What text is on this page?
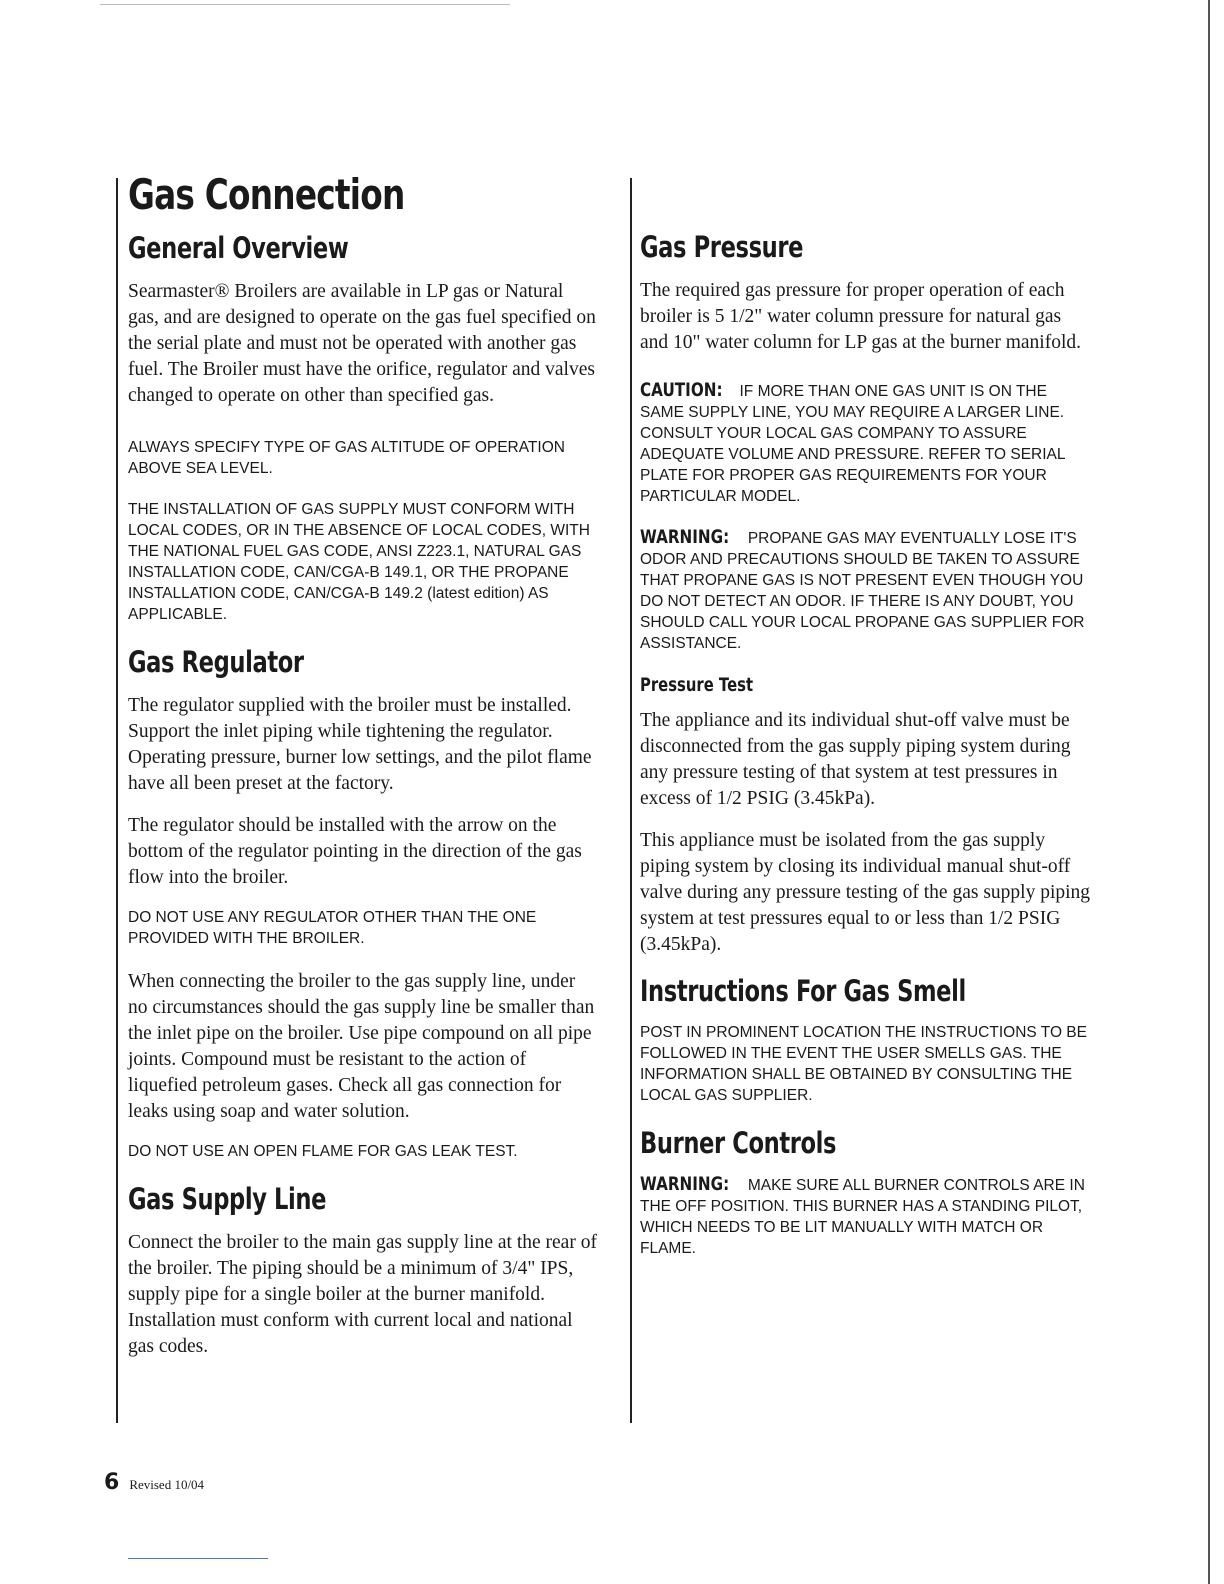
Gas Connection
General Overview

Searmaster® Broilers are available in LP gas or Natural gas, and are designed to operate on the gas fuel specified on the serial plate and must not be operated with another gas fuel. The Broiler must have the orifice, regulator and valves changed to operate on other than specified gas.

ALWAYS SPECIFY TYPE OF GAS ALTITUDE OF OPERATION ABOVE SEA LEVEL.

THE INSTALLATION OF GAS SUPPLY MUST CONFORM WITH LOCAL CODES, OR IN THE ABSENCE OF LOCAL CODES, WITH THE NATIONAL FUEL GAS CODE, ANSI Z223.1, NATURAL GAS INSTALLATION CODE, CAN/CGA-B 149.1, OR THE PROPANE INSTALLATION CODE, CAN/CGA-B 149.2 (latest edition) AS APPLICABLE.

Gas Regulator

The regulator supplied with the broiler must be installed. Support the inlet piping while tightening the regulator. Operating pressure, burner low settings, and the pilot flame have all been preset at the factory.

The regulator should be installed with the arrow on the bottom of the regulator pointing in the direction of the gas flow into the broiler.

DO NOT USE ANY REGULATOR OTHER THAN THE ONE PROVIDED WITH THE BROILER.

When connecting the broiler to the gas supply line, under no circumstances should the gas supply line be smaller than the inlet pipe on the broiler. Use pipe compound on all pipe joints. Compound must be resistant to the action of liquefied petroleum gases. Check all gas connection for leaks using soap and water solution.

DO NOT USE AN OPEN FLAME FOR GAS LEAK TEST.

Gas Supply Line

Connect the broiler to the main gas supply line at the rear of the broiler. The piping should be a minimum of 3/4" IPS, supply pipe for a single boiler at the burner manifold. Installation must conform with current local and national gas codes.

Gas Pressure

The required gas pressure for proper operation of each broiler is 5 1/2" water column pressure for natural gas and 10" water column for LP gas at the burner manifold.

CAUTION: IF MORE THAN ONE GAS UNIT IS ON THE SAME SUPPLY LINE, YOU MAY REQUIRE A LARGER LINE. CONSULT YOUR LOCAL GAS COMPANY TO ASSURE ADEQUATE VOLUME AND PRESSURE. REFER TO SERIAL PLATE FOR PROPER GAS REQUIREMENTS FOR YOUR PARTICULAR MODEL.

WARNING: PROPANE GAS MAY EVENTUALLY LOSE IT'S ODOR AND PRECAUTIONS SHOULD BE TAKEN TO ASSURE THAT PROPANE GAS IS NOT PRESENT EVEN THOUGH YOU DO NOT DETECT AN ODOR. IF THERE IS ANY DOUBT, YOU SHOULD CALL YOUR LOCAL PROPANE GAS SUPPLIER FOR ASSISTANCE.

Pressure Test

The appliance and its individual shut-off valve must be disconnected from the gas supply piping system during any pressure testing of that system at test pressures in excess of 1/2 PSIG (3.45kPa).

This appliance must be isolated from the gas supply piping system by closing its individual manual shut-off valve during any pressure testing of the gas supply piping system at test pressures equal to or less than 1/2 PSIG (3.45kPa).

Instructions For Gas Smell

POST IN PROMINENT LOCATION THE INSTRUCTIONS TO BE FOLLOWED IN THE EVENT THE USER SMELLS GAS. THE INFORMATION SHALL BE OBTAINED BY CONSULTING THE LOCAL GAS SUPPLIER.

Burner Controls

WARNING: MAKE SURE ALL BURNER CONTROLS ARE IN THE OFF POSITION. THIS BURNER HAS A STANDING PILOT, WHICH NEEDS TO BE LIT MANUALLY WITH MATCH OR FLAME.

6 Revised 10/04
